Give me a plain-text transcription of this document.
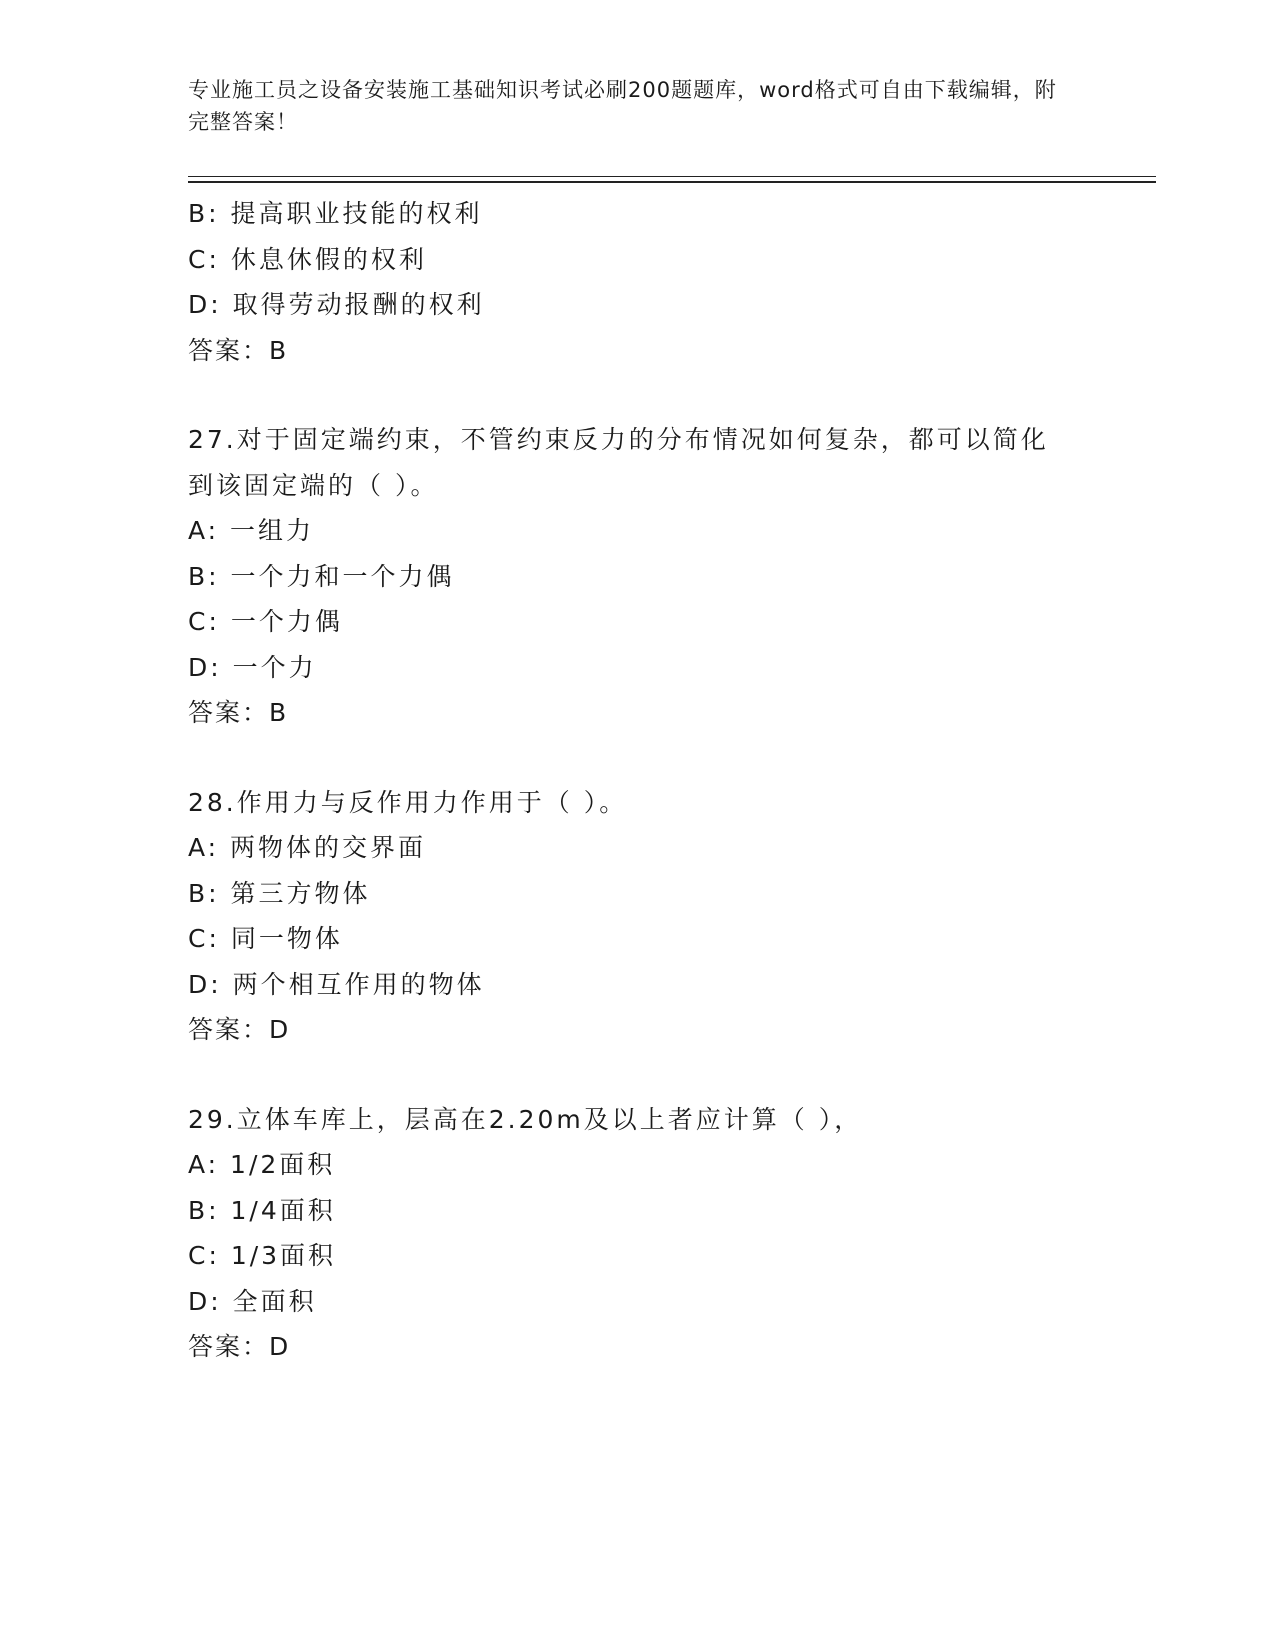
专业施工员之设备安装施工基础知识考试必刷200题题库，word格式可自由下载编辑，附完整答案！
B: 提高职业技能的权利
C: 休息休假的权利
D: 取得劳动报酬的权利
答案：B
27.对于固定端约束，不管约束反力的分布情况如何复杂，都可以简化
到该固定端的（ ）。
A: 一组力
B: 一个力和一个力偶
C: 一个力偶
D: 一个力
答案：B
28.作用力与反作用力作用于（ ）。
A: 两物体的交界面
B: 第三方物体
C: 同一物体
D: 两个相互作用的物体
答案：D
29.立体车库上，层高在2.20m及以上者应计算（ ），
A: 1/2面积
B: 1/4面积
C: 1/3面积
D: 全面积
答案：D
